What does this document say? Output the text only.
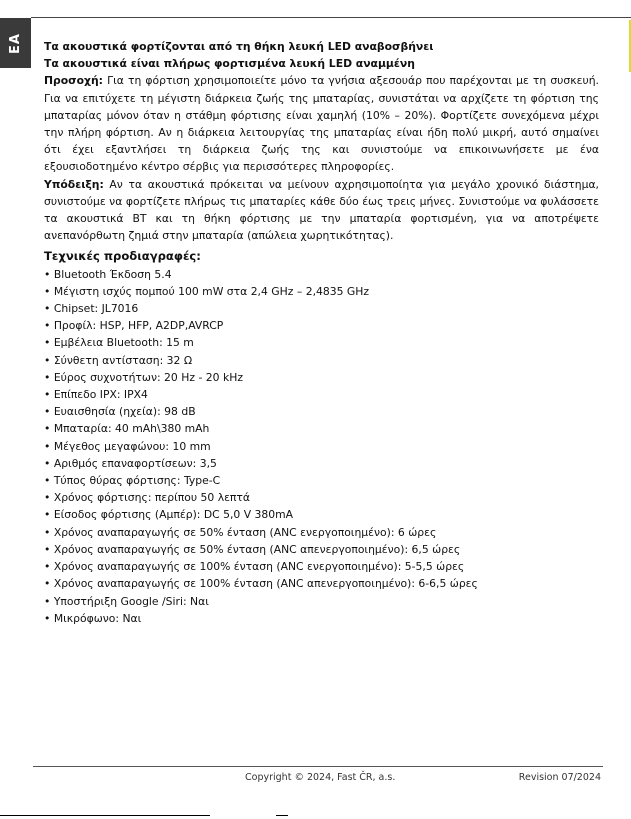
EA Τα ακουστικά φορτίζονται από τη θήκη λευκή LED αναβοσβήνει

Τα ακουστικά είναι πλήρως φορτισμένα λευκή LED αναμμένη

Προσοχή: Για τη φόρτιση χρησιμοποιείτε μόνο τα γνήσια αξεσουάρ που παρέχονται με τη συσκευή. Για να επιτύχετε τη μέγιστη διάρκεια ζωής της μπαταρίας, συνιστάται να αρχίζετε τη φόρτιση της μπαταρίας μόνον όταν η στάθμη φόρτισης είναι χαμηλή (10% – 20%). Φορτίζετε συνεχόμενα μέχρι την πλήρη φόρτιση. Αν η διάρκεια λειτουργίας της μπαταρίας είναι ήδη πολύ μικρή, αυτό σημαίνει ότι έχει εξαντλήσει τη διάρκεια ζωής της και συνιστούμε να επικοινωνήσετε με ένα εξουσιοδοτημένο κέντρο σέρβις για περισσότερες πληροφορίες.

Υπόδειξη: Αν τα ακουστικά πρόκειται να μείνουν αχρησιμοποίητα για μεγάλο χρονικό διάστημα, συνιστούμε να φορτίζετε πλήρως τις μπαταρίες κάθε δύο έως τρεις μήνες. Συνιστούμε να φυλάσσετε τα ακουστικά BT και τη θήκη φόρτισης με την μπαταρία φορτισμένη, για να αποτρέψετε ανεπανόρθωτη ζημιά στην μπαταρία (απώλεια χωρητικότητας).

Τεχνικές προδιαγραφές:

• Bluetooth Έκδοση 5.4
• Μέγιστη ισχύς πομπού 100 mW στα 2,4 GHz – 2,4835 GHz
• Chipset: JL7016
• Προφίλ: HSP, HFP, A2DP,AVRCP
• Εμβέλεια Bluetooth: 15 m
• Σύνθετη αντίσταση: 32 Ω
• Εύρος συχνοτήτων: 20 Hz - 20 kHz
• Επίπεδο IPX: IPX4
• Ευαισθησία (ηχεία): 98 dB
• Μπαταρία: 40 mAh\380 mAh
• Μέγεθος μεγαφώνου: 10 mm
• Αριθμός επαναφορτίσεων: 3,5
• Τύπος θύρας φόρτισης: Type-C
• Χρόνος φόρτισης: περίπου 50 λεπτά
• Είσοδος φόρτισης (Αμπέρ): DC 5,0 V 380mA
• Χρόνος αναπαραγωγής σε 50% ένταση (ANC ενεργοποιημένο): 6 ώρες
• Χρόνος αναπαραγωγής σε 50% ένταση (ANC απενεργοποιημένο): 6,5 ώρες
• Χρόνος αναπαραγωγής σε 100% ένταση (ANC ενεργοποιημένο): 5-5,5 ώρες
• Χρόνος αναπαραγωγής σε 100% ένταση (ANC απενεργοποιημένο): 6-6,5 ώρες
• Υποστήριξη Google /Siri: Ναι
• Μικρόφωνο: Ναι
Copyright © 2024, Fast ČR, a.s.	Revision 07/2024
